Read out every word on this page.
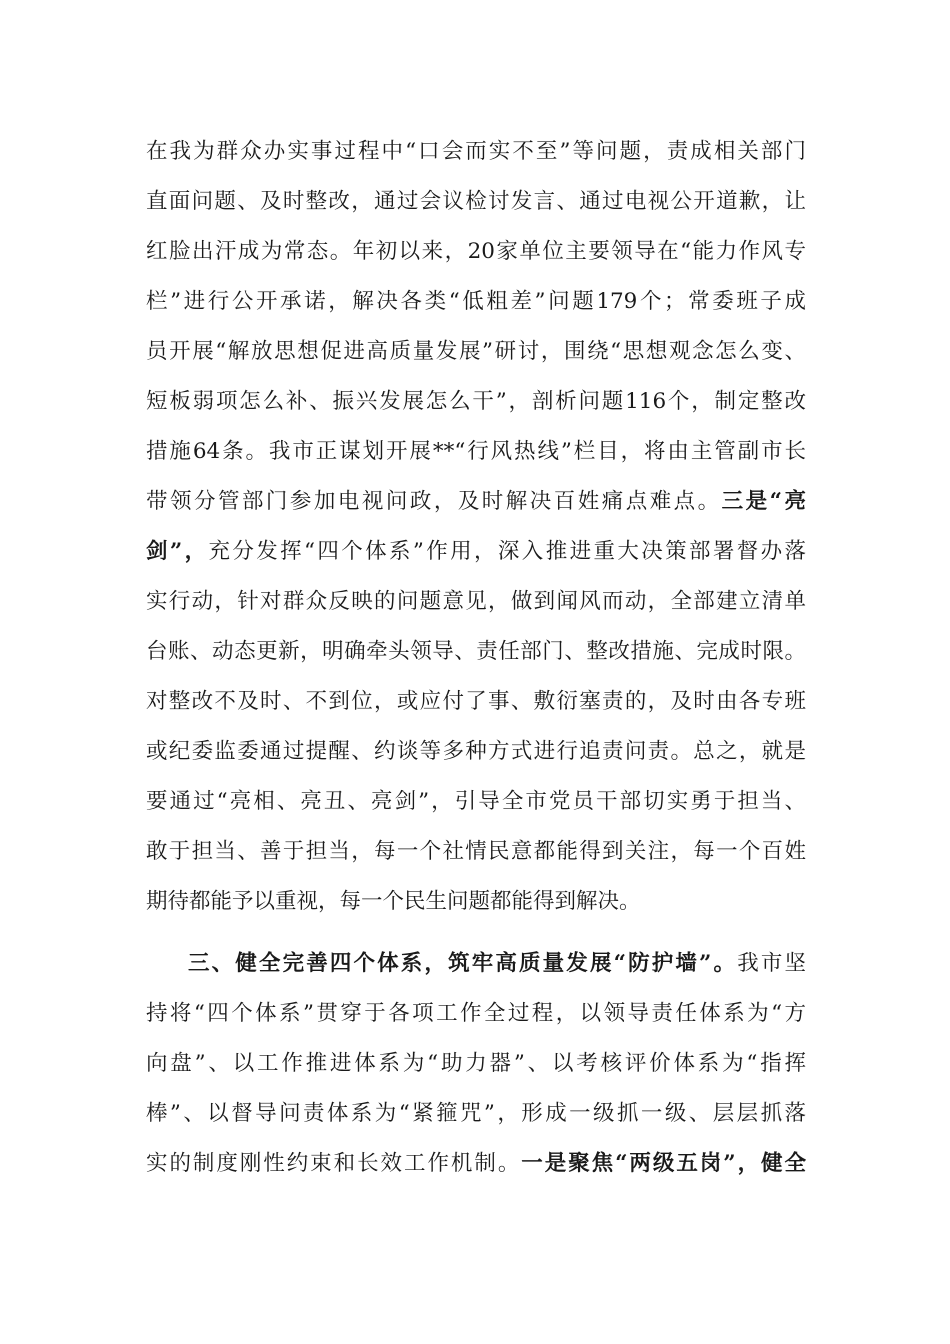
在我为群众办实事过程中“口会而实不至”等问题，责成相关部门
直面问题、及时整改，通过会议检讨发言、通过电视公开道歉，让
红脸出汗成为常态。年初以来，20家单位主要领导在“能力作风专
栏”进行公开承诺，解决各类“低粗差”问题179个；常委班子成
员开展“解放思想促进高质量发展”研讨，围绕“思想观念怎么变、
短板弱项怎么补、振兴发展怎么干”，剖析问题116个，制定整改
措施64条。我市正谋划开展**“行风热线”栏目，将由主管副市长
带领分管部门参加电视问政，及时解决百姓痛点难点。三是“亮
剑”，充分发挥“四个体系”作用，深入推进重大决策部署督办落
实行动，针对群众反映的问题意见，做到闻风而动，全部建立清单
台账、动态更新，明确牵头领导、责任部门、整改措施、完成时限。
对整改不及时、不到位，或应付了事、敷衍塞责的，及时由各专班
或纪委监委通过提醒、约谈等多种方式进行追责问责。总之，就是
要通过“亮相、亮丑、亮剑”，引导全市党员干部切实勇于担当、
敢于担当、善于担当，每一个社情民意都能得到关注，每一个百姓
期待都能予以重视，每一个民生问题都能得到解决。
三、健全完善四个体系，筑牢高质量发展“防护墙”。我市坚
持将“四个体系”贯穿于各项工作全过程，以领导责任体系为“方
向盘”、以工作推进体系为“助力器”、以考核评价体系为“指挥
棒”、以督导问责体系为“紧箍咒”，形成一级抓一级、层层抓落
实的制度刚性约束和长效工作机制。一是聚焦“两级五岗”，健全
